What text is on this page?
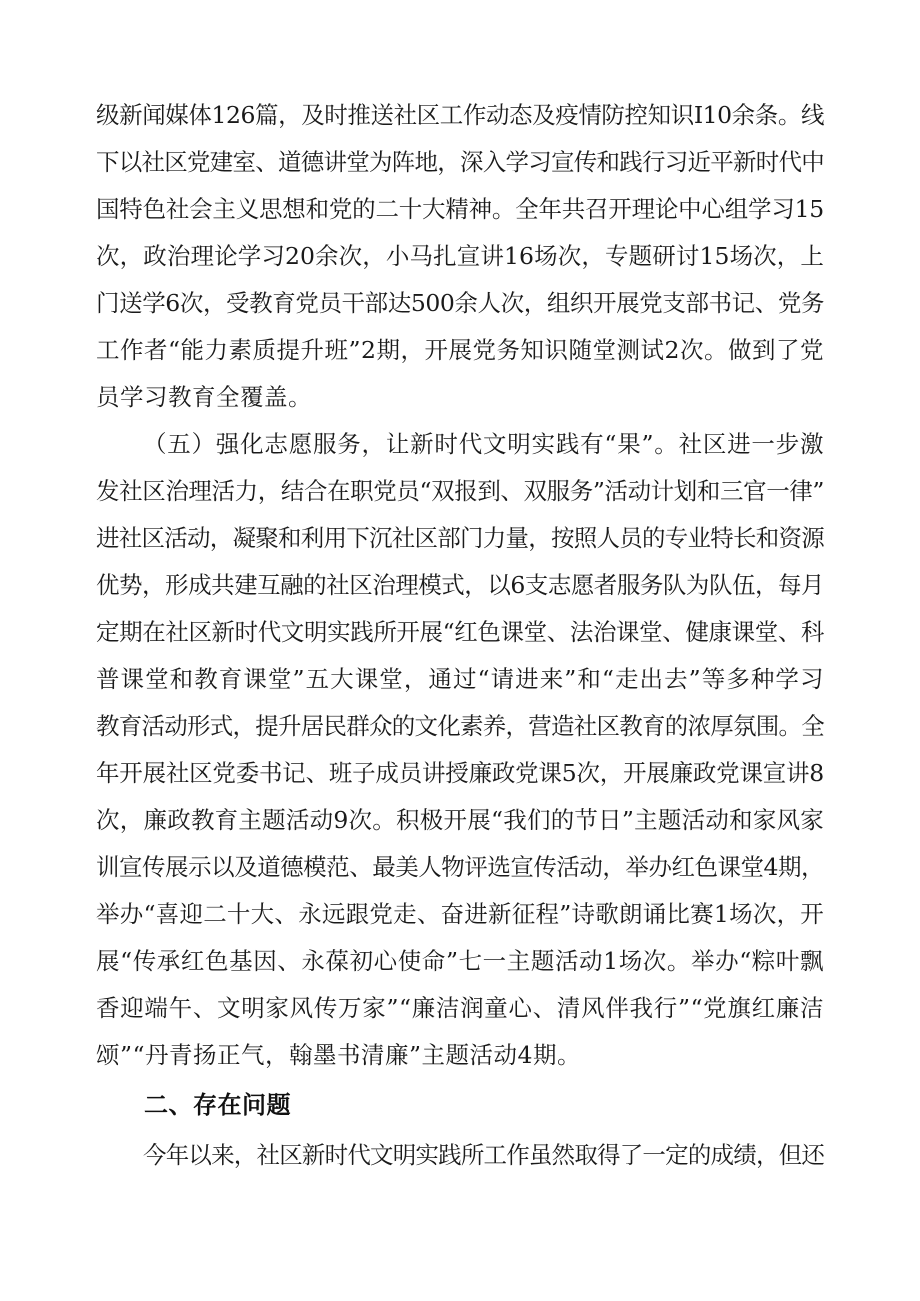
级新闻媒体126篇，及时推送社区工作动态及疫情防控知识I10余条。线
下以社区党建室、道德讲堂为阵地，深入学习宣传和践行习近平新时代中
国特色社会主义思想和党的二十大精神。全年共召开理论中心组学习15
次，政治理论学习20余次，小马扎宣讲16场次，专题研讨15场次，上
门送学6次，受教育党员干部达500余人次，组织开展党支部书记、党务
工作者“能力素质提升班”2期，开展党务知识随堂测试2次。做到了党
员学习教育全覆盖。

（五）强化志愿服务，让新时代文明实践有“果”。社区进一步激
发社区治理活力，结合在职党员“双报到、双服务”活动计划和三官一律”
进社区活动，凝聚和利用下沉社区部门力量，按照人员的专业特长和资源
优势，形成共建互融的社区治理模式，以6支志愿者服务队为队伍，每月
定期在社区新时代文明实践所开展“红色课堂、法治课堂、健康课堂、科
普课堂和教育课堂”五大课堂，通过“请进来”和“走出去”等多种学习
教育活动形式，提升居民群众的文化素养，营造社区教育的浓厚氛围。全
年开展社区党委书记、班子成员讲授廉政党课5次，开展廉政党课宣讲8
次，廉政教育主题活动9次。积极开展“我们的节日”主题活动和家风家
训宣传展示以及道德模范、最美人物评选宣传活动，举办红色课堂4期，
举办“喜迎二十大、永远跟党走、奋进新征程”诗歌朗诵比赛1场次，开
展“传承红色基因、永葆初心使命”七一主题活动1场次。举办“粽叶飘
香迎端午、文明家风传万家”“廉洁润童心、清风伴我行”“党旗红廉洁
颂”“丹青扬正气，翰墨书清廉”主题活动4期。

二、存在问题

今年以来，社区新时代文明实践所工作虽然取得了一定的成绩，但还
